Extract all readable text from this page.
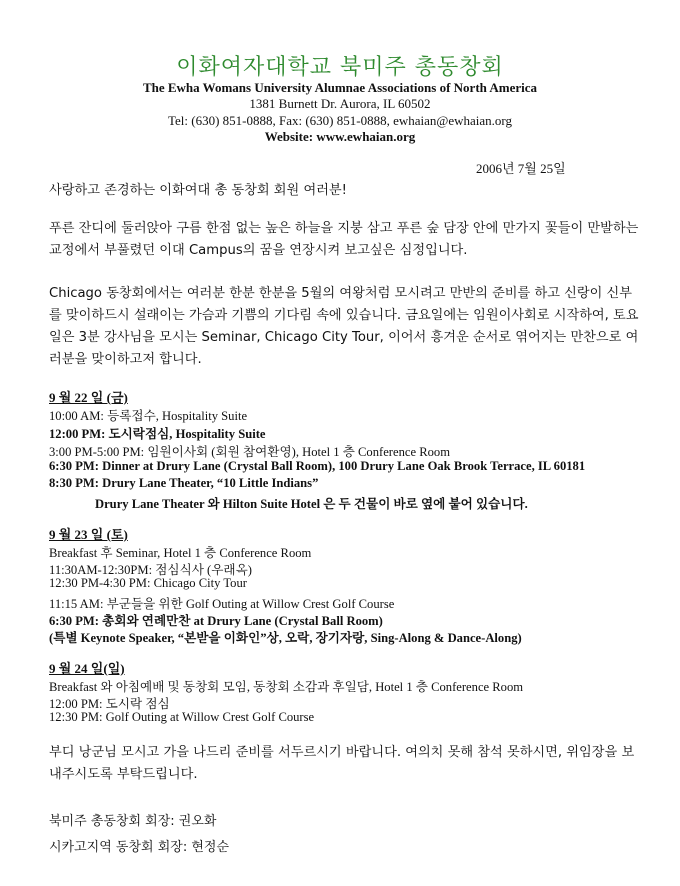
이화여자대학교 북미주 총동창회
The Ewha Womans University Alumnae Associations of North America
1381 Burnett Dr. Aurora, IL 60502
Tel: (630) 851-0888, Fax: (630) 851-0888, ewhaian@ewhaian.org
Website: www.ewhaian.org
2006년 7월 25일
사랑하고 존경하는 이화여대 총 동창회 회원 여러분!
푸른 잔디에 둘러앉아 구름 한점 없는 높은 하늘을 지붕 삼고 푸른 숲 담장 안에 만가지 꽃들이 만발하는 교정에서 부풀렸던 이대 Campus의 꿈을 연장시켜 보고싶은 심정입니다.
Chicago 동창회에서는 여러분 한분 한분을 5월의 여왕처럼 모시려고 만반의 준비를 하고 신랑이 신부를 맞이하드시 설래이는 가슴과 기쁨의 기다림 속에 있습니다. 금요일에는 임원이사회로 시작하여, 토요일은 3분 강사님을 모시는 Seminar, Chicago City Tour, 이어서 흥겨운 순서로 엮어지는 만찬으로 여러분을 맞이하고저 합니다.
9 월 22 일 (금)
10:00 AM: 등록접수, Hospitality Suite
12:00 PM: 도시락점심, Hospitality Suite
3:00 PM-5:00 PM: 임원이사회 (회원 참여환영), Hotel 1 층 Conference Room
6:30 PM: Dinner at Drury Lane (Crystal Ball Room), 100 Drury Lane Oak Brook Terrace, IL 60181
8:30 PM: Drury Lane Theater, “10 Little Indians”
Drury Lane Theater 와 Hilton Suite Hotel 은 두 건물이 바로 옆에 붙어 있습니다.
9 월 23 일 (토)
Breakfast 후 Seminar, Hotel 1 층 Conference Room
11:30AM-12:30PM: 점심식사 (우래옥)
12:30 PM-4:30 PM: Chicago City Tour
11:15 AM: 부군들을 위한 Golf Outing at Willow Crest Golf Course
6:30 PM: 총회와 연례만찬 at Drury Lane (Crystal Ball Room)
(특별 Keynote Speaker, “본받을 이화인”상, 오락, 장기자랑, Sing-Along & Dance-Along)
9 월 24 일(일)
Breakfast 와 아침예배 및 동창회 모임, 동창회 소감과 후일담, Hotel 1 층 Conference Room
12:00 PM: 도시락 점심
12:30 PM: Golf Outing at Willow Crest Golf Course
부디 낭군님 모시고 가을 나드리 준비를 서두르시기 바랍니다. 여의치 못해 참석 못하시면, 위임장을 보내주시도록 부탁드립니다.
북미주 총동창회 회장: 권오화
시카고지역 동창회 회장: 현정순
